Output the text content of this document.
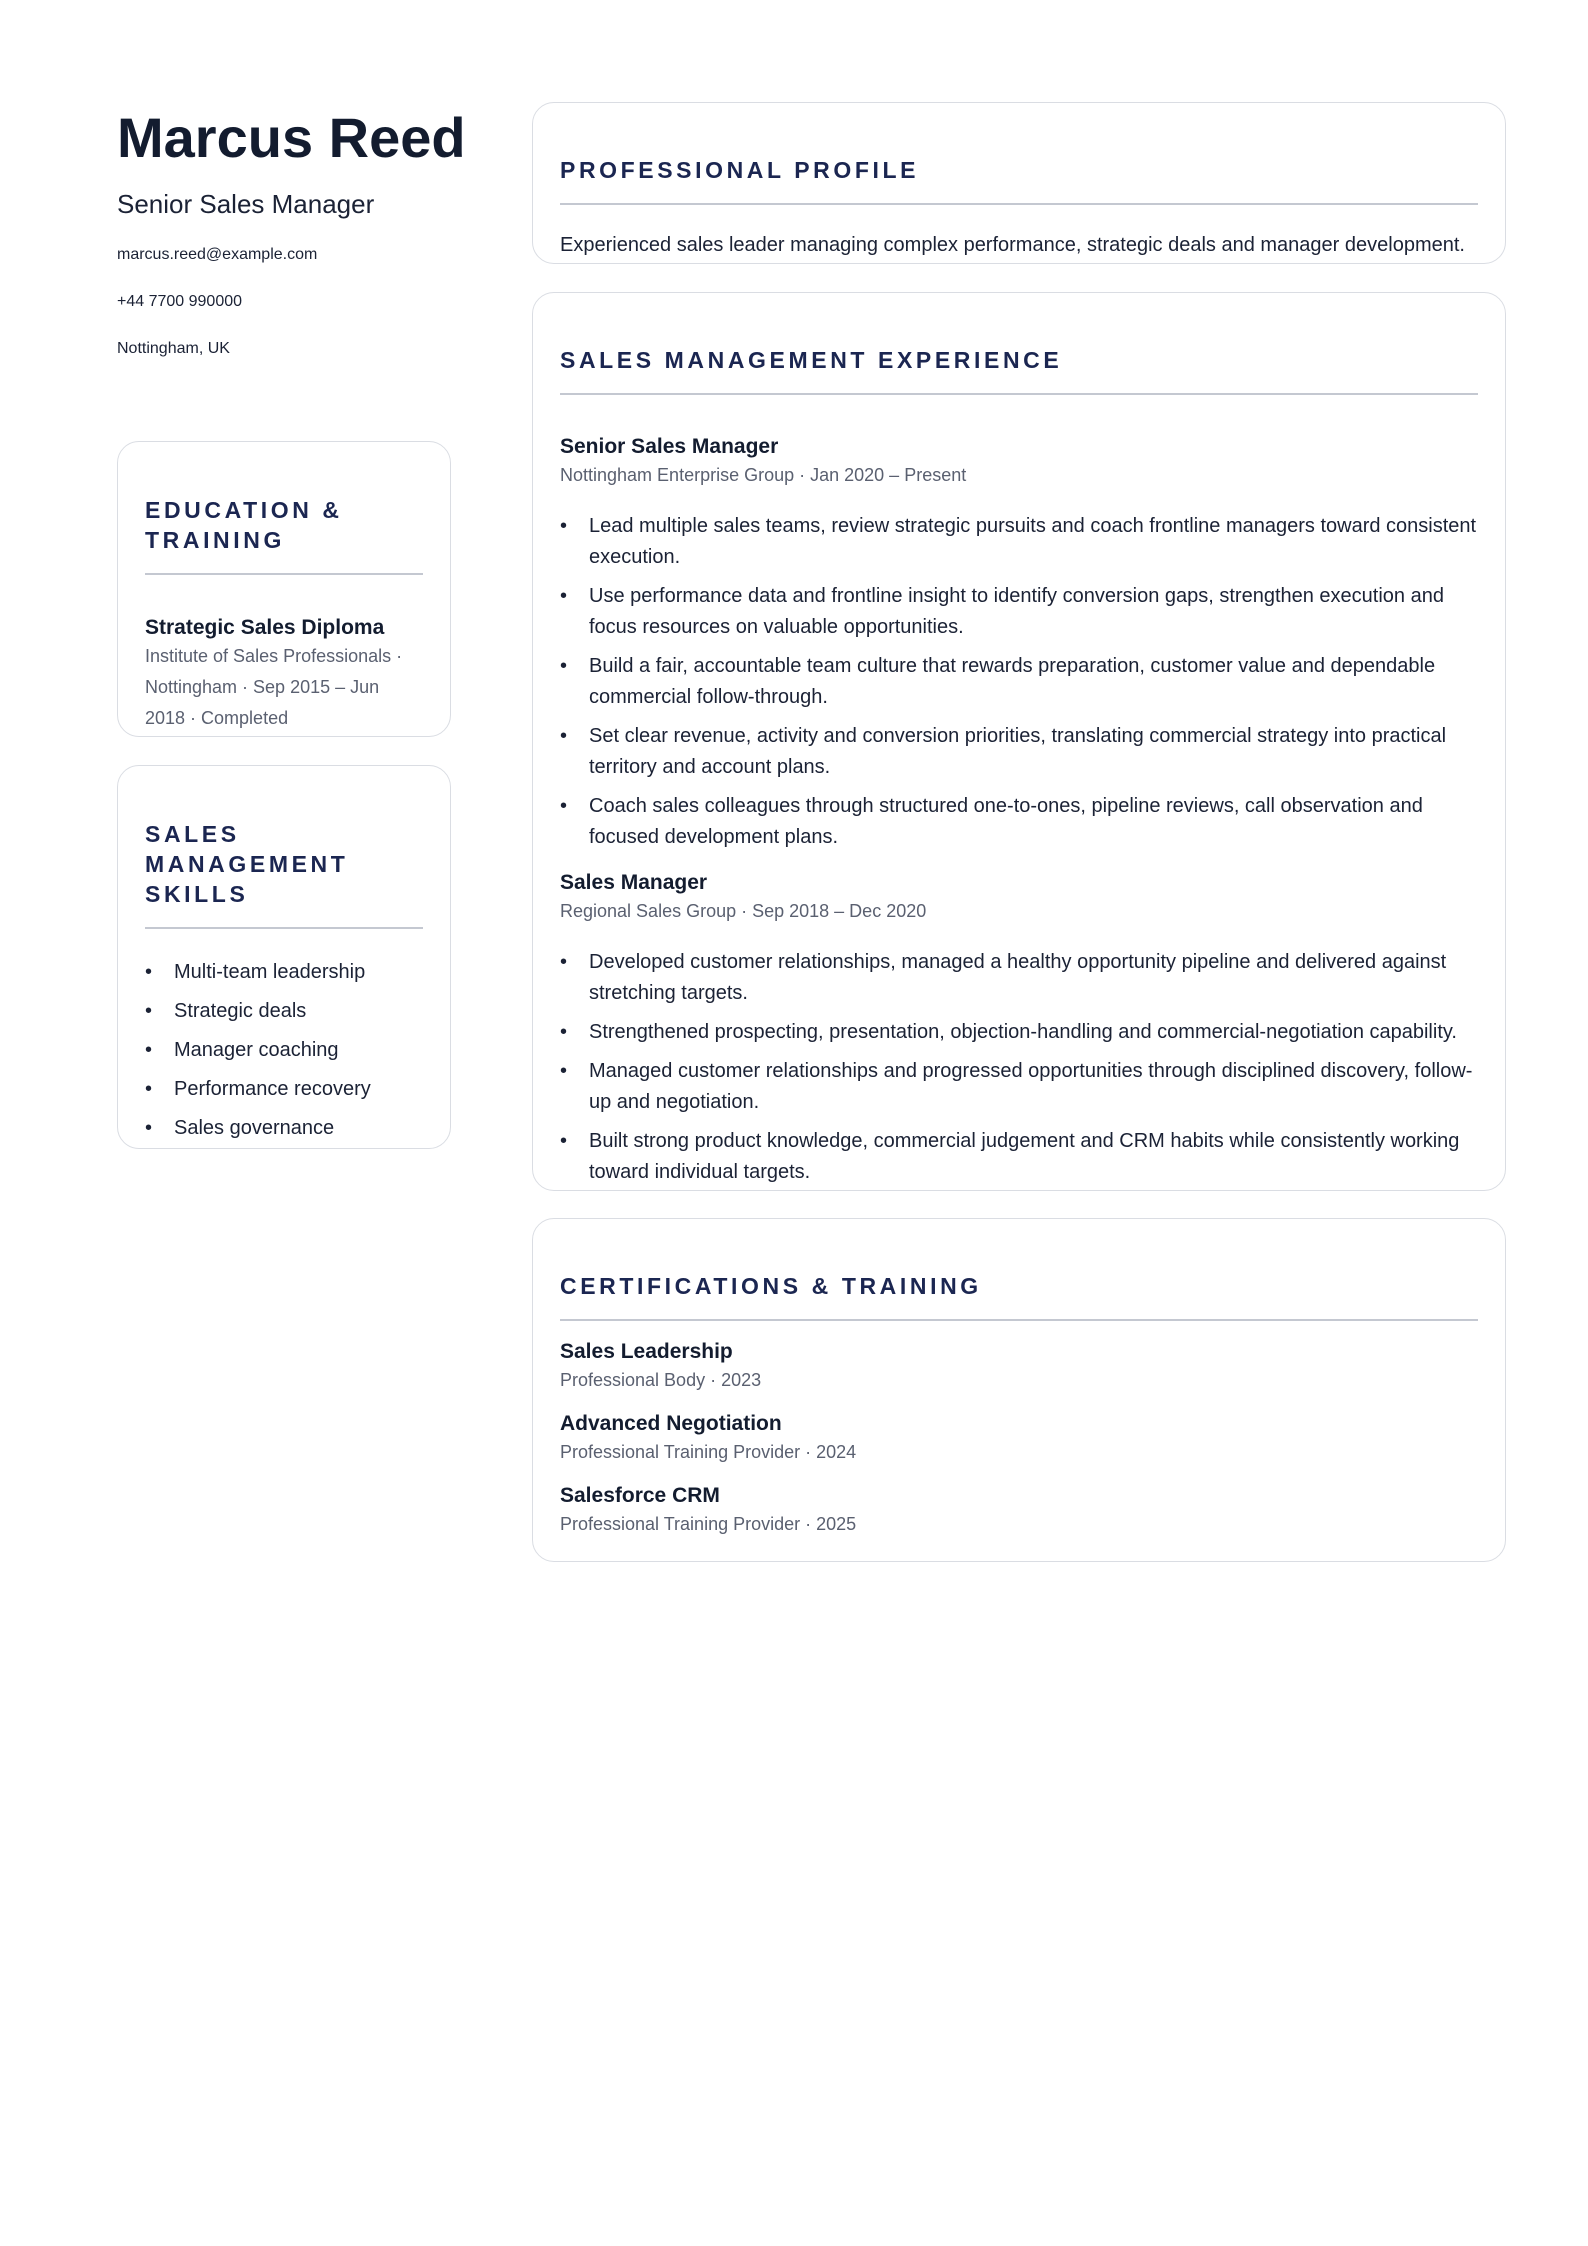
Marcus Reed
Senior Sales Manager
marcus.reed@example.com
+44 7700 990000
Nottingham, UK
EDUCATION & TRAINING
Strategic Sales Diploma
Institute of Sales Professionals · Nottingham · Sep 2015 – Jun 2018 · Completed
SALES MANAGEMENT SKILLS
• Multi-team leadership
• Strategic deals
• Manager coaching
• Performance recovery
• Sales governance
PROFESSIONAL PROFILE
Experienced sales leader managing complex performance, strategic deals and manager development.
SALES MANAGEMENT EXPERIENCE
Senior Sales Manager
Nottingham Enterprise Group · Jan 2020 – Present
• Lead multiple sales teams, review strategic pursuits and coach frontline managers toward consistent execution.
• Use performance data and frontline insight to identify conversion gaps, strengthen execution and focus resources on valuable opportunities.
• Build a fair, accountable team culture that rewards preparation, customer value and dependable commercial follow-through.
• Set clear revenue, activity and conversion priorities, translating commercial strategy into practical territory and account plans.
• Coach sales colleagues through structured one-to-ones, pipeline reviews, call observation and focused development plans.
Sales Manager
Regional Sales Group · Sep 2018 – Dec 2020
• Developed customer relationships, managed a healthy opportunity pipeline and delivered against stretching targets.
• Strengthened prospecting, presentation, objection-handling and commercial-negotiation capability.
• Managed customer relationships and progressed opportunities through disciplined discovery, follow-up and negotiation.
• Built strong product knowledge, commercial judgement and CRM habits while consistently working toward individual targets.
CERTIFICATIONS & TRAINING
Sales Leadership
Professional Body · 2023
Advanced Negotiation
Professional Training Provider · 2024
Salesforce CRM
Professional Training Provider · 2025
